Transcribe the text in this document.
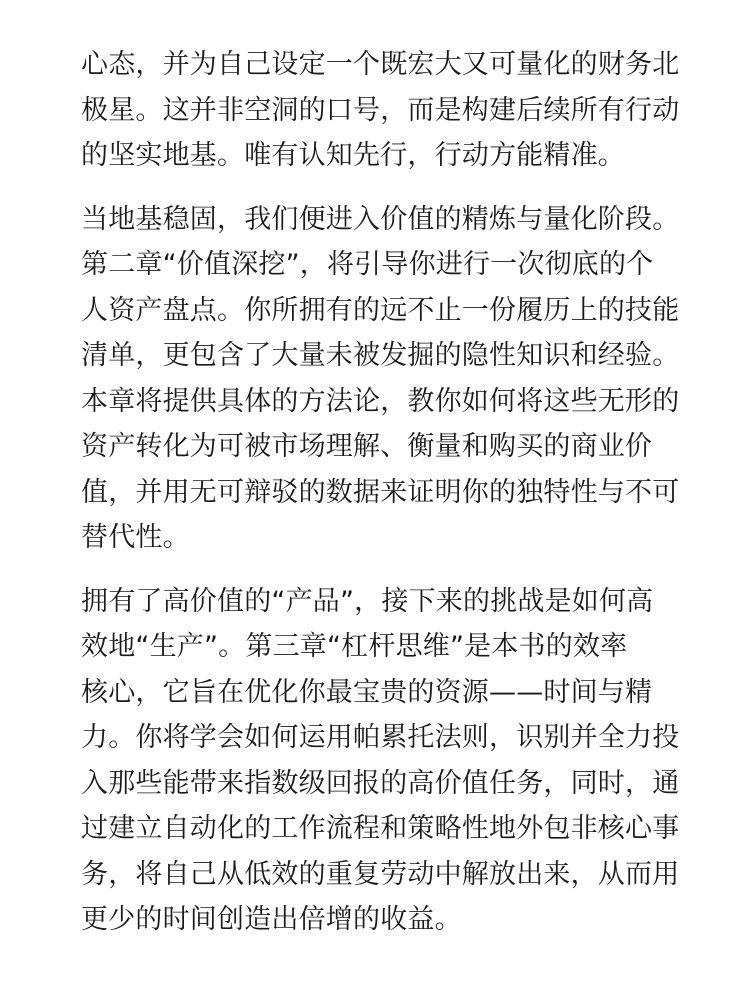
心态，并为自己设定一个既宏大又可量化的财务北
极星。这并非空洞的口号，而是构建后续所有行动
的坚实地基。唯有认知先行，行动方能精准。

当地基稳固，我们便进入价值的精炼与量化阶段。
第二章“价值深挖”，将引导你进行一次彻底的个
人资产盘点。你所拥有的远不止一份履历上的技能
清单，更包含了大量未被发掘的隐性知识和经验。
本章将提供具体的方法论，教你如何将这些无形的
资产转化为可被市场理解、衡量和购买的商业价
值，并用无可辩驳的数据来证明你的独特性与不可
替代性。

拥有了高价值的“产品”，接下来的挑战是如何高
效地“生产”。第三章“杠杆思维”是本书的效率
核心，它旨在优化你最宝贵的资源——时间与精
力。你将学会如何运用帕累托法则，识别并全力投
入那些能带来指数级回报的高价值任务，同时，通
过建立自动化的工作流程和策略性地外包非核心事
务，将自己从低效的重复劳动中解放出来，从而用
更少的时间创造出倍增的收益。
